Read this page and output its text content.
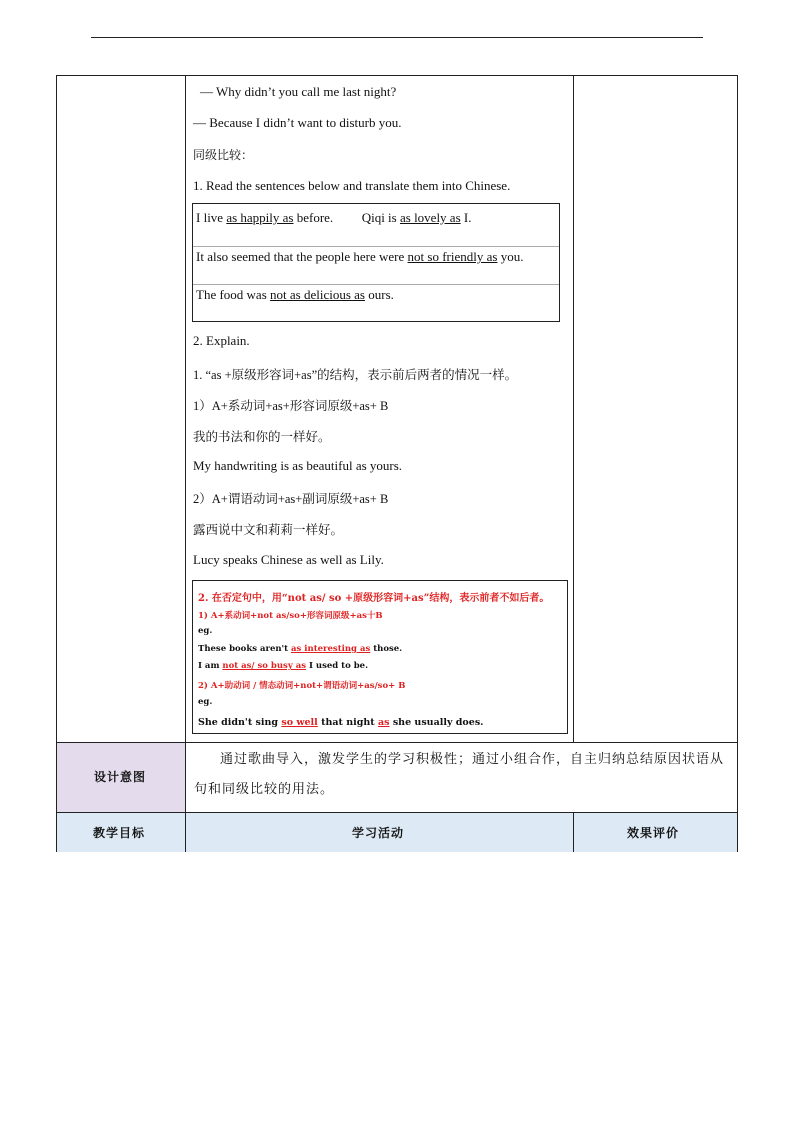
— Why didn’t you call me last night?
— Because I didn’t want to disturb you.
同级比较：
1. Read the sentences below and translate them into Chinese.
I live as happily as before. Qiqi is as lovely as I.
It also seemed that the people here were not so friendly as you.
The food was not as delicious as ours.
2. Explain.
1. “as +原级形容词+as”的结构，表示前后两者的情况一样。
1）A+系动词+as+形容词原级+as+ B
我的书法和你的一样好。
My handwriting is as beautiful as yours.
2）A+谓语动词+as+副词原级+as+ B
露西说中文和莉莉一样好。
Lucy speaks Chinese as well as Lily.
2. 在否定句中，用“not as/ so +原级形容词+as”结构，表示前者不如后者。
1) A+系动词+not as/so+形容词原级+as十B
eg.
These books aren't as interesting as those.
I am not as/ so busy as I used to be.
2) A+助动词 / 情态动词+not+谓语动词+as/so+ B
eg.
She didn't sing so well that night as she usually does.
设计意图
通过歌曲导入，激发学生的学习积极性；通过小组合作，自主归纳总结原因状语从句和同级比较的用法。
教学目标	学习活动	效果评价
